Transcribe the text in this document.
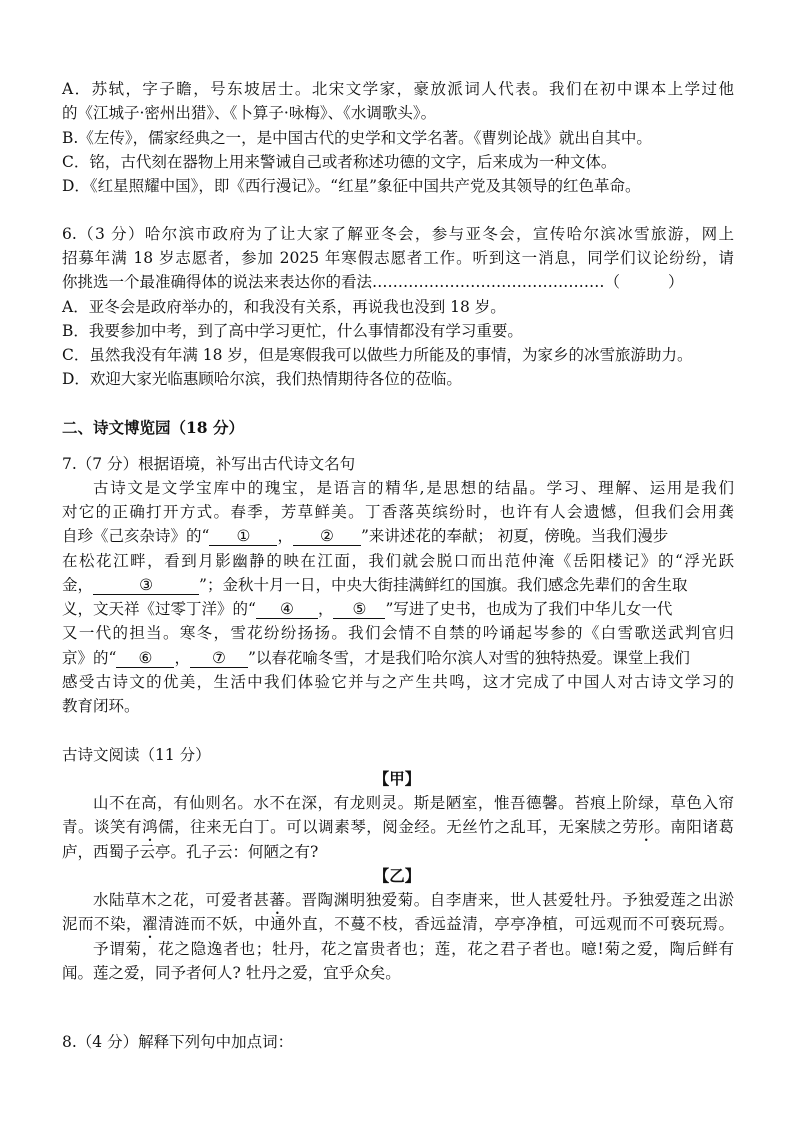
A．苏轼，字子瞻，号东坡居士。北宋文学家，豪放派词人代表。我们在初中课本上学过他
的《江城子·密州出猎》、《卜算子·咏梅》、《水调歌头》。
B.《左传》，儒家经典之一，是中国古代的史学和文学名著。《曹刿论战》就出自其中。
C．铭，古代刻在器物上用来警诫自己或者称述功德的文字，后来成为一种文体。
D．《红星照耀中国》，即《西行漫记》。“红星”象征中国共产党及其领导的红色革命。
6.（3 分）哈尔滨市政府为了让大家了解亚冬会，参与亚冬会，宣传哈尔滨冰雪旅游，网上
招募年满 18 岁志愿者，参加 2025 年寒假志愿者工作。听到这一消息，同学们议论纷纷，请
你挑选一个最准确得体的说法来表达你的看法………………………………………（	）
A．亚冬会是政府举办的，和我没有关系，再说我也没到 18 岁。
B．我要参加中考，到了高中学习更忙，什么事情都没有学习重要。
C．虽然我没有年满 18 岁，但是寒假我可以做些力所能及的事情，为家乡的冰雪旅游助力。
D．欢迎大家光临惠顾哈尔滨，我们热情期待各位的莅临。
二、诗文博览园（18 分）
7.（7 分）根据语境，补写出古代诗文名句
古诗文是文学宝库中的瑰宝，是语言的精华,是思想的结晶。学习、理解、运用是我们
对它的正确打开方式。春季，芳草鲜美。丁香落英缤纷时，也许有人会遗憾，但我们会用龚
自珍《己亥杂诗》的“ ① ， ② ”来讲述花的奉献； 初夏，傍晚。当我们漫步
在松花江畔，看到月影幽静的映在江面，我们就会脱口而出范仲淹《岳阳楼记》的“浮光跃
金，	③	”；金秋十月一日，中央大街挂满鲜红的国旗。我们感念先辈们的舍生取
义，文天祥《过零丁洋》的“ ④ ， ⑤ ”写进了史书，也成为了我们中华儿女一代
又一代的担当。寒冬，雪花纷纷扬扬。我们会情不自禁的吟诵起岑参的《白雪歌送武判官归
京》的“ ⑥ ， ⑦ ”以春花喻冬雪，才是我们哈尔滨人对雪的独特热爱。课堂上我们
感受古诗文的优美，生活中我们体验它并与之产生共鸣，这才完成了中国人对古诗文学习的
教育闭环。
古诗文阅读（11 分）
【甲】
山不在高，有仙则名。水不在深，有龙则灵。斯是陋室，惟吾德馨。苔痕上阶绿，草色入帘
青。谈笑有鸿儒，往来无白丁。可以调素琴，阅金经。无丝竹之乱耳，无案牍之劳形。南阳诸葛
庐，西蜀子云亭。孔子云：何陋之有?
【乙】
水陆草木之花，可爱者甚蕃。晋陶渊明独爱菊。自李唐来，世人甚爱牡丹。予独爱莲之出淤
泥而不染，濯清涟而不妖，中通外直，不蔓不枝，香远益清，亭亭净植，可远观而不可亵玩焉。
予谓菊，花之隐逸者也；牡丹，花之富贵者也；莲，花之君子者也。噫!菊之爱，陶后鲜有
闻。莲之爱，同予者何人? 牡丹之爱，宜乎众矣。
8.（4 分）解释下列句中加点词：
